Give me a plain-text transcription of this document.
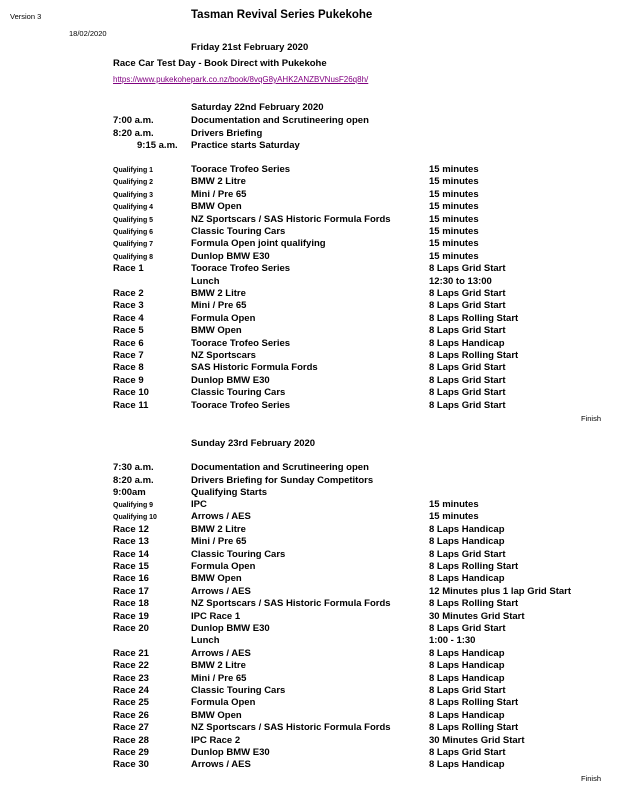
Version 3
18/02/2020
Tasman Revival Series Pukekohe
Friday 21st February 2020
Race Car Test Day - Book Direct with Pukekohe
https://www.pukekohepark.co.nz/book/8vqG8yAHK2ANZBVNusF26q8h/
Saturday 22nd February 2020
7:00 a.m.	Documentation and Scrutineering open
8:20 a.m.	Drivers Briefing
9:15 a.m. Practice starts Saturday
Qualifying 1	Toorace Trofeo Series	15 minutes
Qualifying 2	BMW 2 Litre	15 minutes
Qualifying 3	Mini / Pre 65	15 minutes
Qualifying 4	BMW Open	15 minutes
Qualifying 5	NZ Sportscars / SAS Historic Formula Fords	15 minutes
Qualifying 6	Classic Touring Cars	15 minutes
Qualifying 7	Formula Open joint qualifying	15 minutes
Qualifying 8	Dunlop BMW E30	15 minutes
Race 1	Toorace Trofeo Series	8 Laps Grid Start
Lunch	12:30 to 13:00
Race 2	BMW 2 Litre	8 Laps Grid Start
Race 3	Mini / Pre 65	8 Laps Grid Start
Race 4	Formula Open	8 Laps Rolling Start
Race 5	BMW Open	8 Laps Grid Start
Race 6	Toorace Trofeo Series	8 Laps Handicap
Race 7	NZ Sportscars	8 Laps Rolling Start
Race 8	SAS Historic Formula Fords	8 Laps Grid Start
Race 9	Dunlop BMW E30	8 Laps Grid Start
Race 10	Classic Touring Cars	8 Laps Grid Start
Race 11	Toorace Trofeo Series	8 Laps Grid Start
Finish
Sunday 23rd February 2020
7:30 a.m.	Documentation and Scrutineering open
8:20 a.m.	Drivers Briefing for Sunday Competitors
9:00am	Qualifying Starts
Qualifying 9	IPC	15 minutes
Qualifying 10	Arrows / AES	15 minutes
Race 12	BMW 2 Litre	8 Laps Handicap
Race 13	Mini / Pre 65	8 Laps Handicap
Race 14	Classic Touring Cars	8 Laps Grid Start
Race 15	Formula Open	8 Laps Rolling Start
Race 16	BMW Open	8 Laps Handicap
Race 17	Arrows / AES	12 Minutes plus 1 lap Grid Start
Race 18	NZ Sportscars / SAS Historic Formula Fords	8 Laps Rolling Start
Race 19	IPC Race 1	30 Minutes Grid Start
Race 20	Dunlop BMW E30	8 Laps Grid Start
Lunch	1:00 - 1:30
Race 21	Arrows / AES	8 Laps Handicap
Race 22	BMW 2 Litre	8 Laps Handicap
Race 23	Mini / Pre 65	8 Laps Handicap
Race 24	Classic Touring Cars	8 Laps Grid Start
Race 25	Formula Open	8 Laps Rolling Start
Race 26	BMW Open	8 Laps Handicap
Race 27	NZ Sportscars / SAS Historic Formula Fords	8 Laps Rolling Start
Race 28	IPC Race 2	30 Minutes Grid Start
Race 29	Dunlop BMW E30	8 Laps Grid Start
Race 30	Arrows / AES	8 Laps Handicap
Finish
